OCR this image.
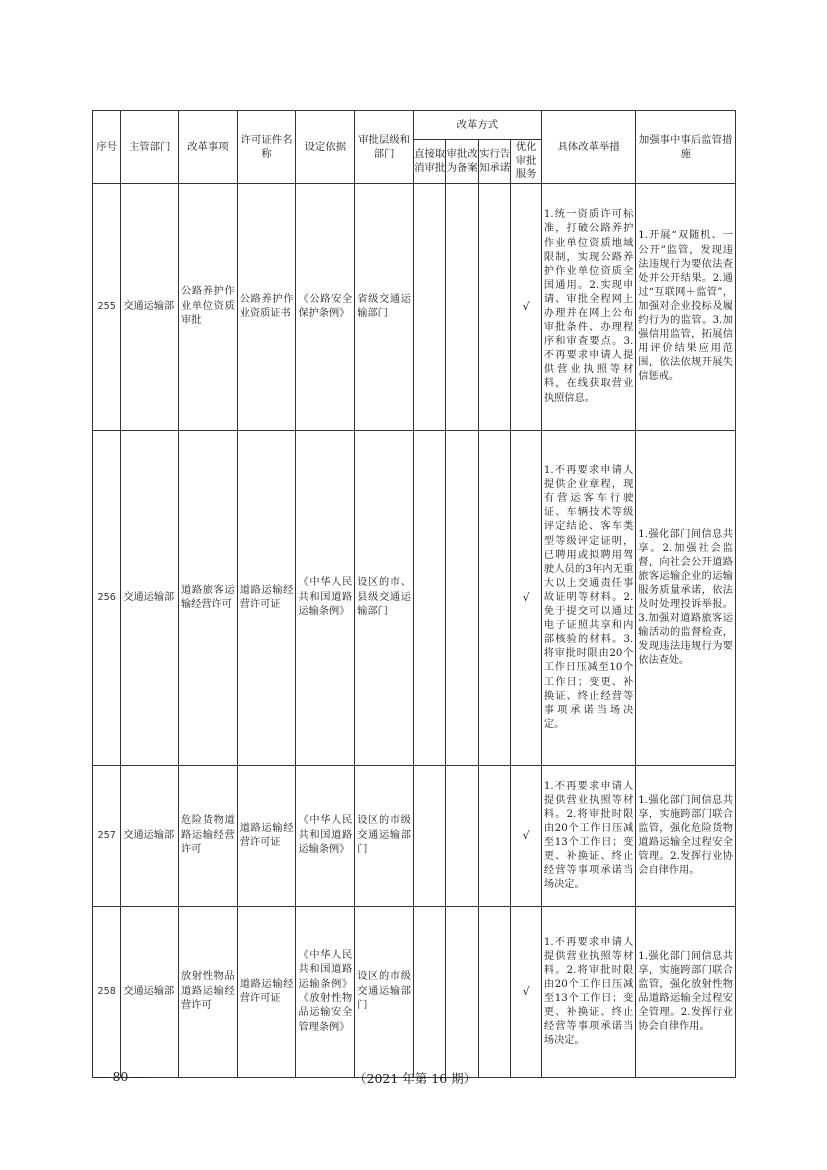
序号	主管部门	改革事项	许可证件名称	设定依据	审批层级和部门	改革方式				具体改革举措	加强事中事后监管措施
						直接取消审批	审批改为备案	实行告知承诺	优化审批服务		
255	交通运输部	公路养护作业单位资质审批	公路养护作业资质证书	《公路安全保护条例》	省级交通运输部门				√	1.统一资质许可标准，打破公路养护作业单位资质地域限制，实现公路养护作业单位资质全国通用。2.实现申请、审批全程网上办理并在网上公布审批条件、办理程序和审查要点。3.不再要求申请人提供营业执照等材料，在线获取营业执照信息。	1.开展“双随机、一公开”监管，发现违法违规行为要依法查处并公开结果。2.通过“互联网＋监管”，加强对企业投标及履约行为的监管。3.加强信用监管，拓展信用评价结果应用范围，依法依规开展失信惩戒。
256	交通运输部	道路旅客运输经营许可	道路运输经营许可证	《中华人民共和国道路运输条例》	设区的市、县级交通运输部门				√	1.不再要求申请人提供企业章程，现有营运客车行驶证、车辆技术等级评定结论、客车类型等级评定证明，已聘用或拟聘用驾驶人员的3年内无重大以上交通责任事故证明等材料。2.免于提交可以通过电子证照共享和内部核验的材料。3.将审批时限由20个工作日压减至10个工作日；变更、补换证、终止经营等事项承诺当场决定。	1.强化部门间信息共享。2.加强社会监督，向社会公开道路旅客运输企业的运输服务质量承诺，依法及时处理投诉举报。3.加强对道路旅客运输活动的监督检查，发现违法违规行为要依法查处。
257	交通运输部	危险货物道路运输经营许可	道路运输经营许可证	《中华人民共和国道路运输条例》	设区的市级交通运输部门				√	1.不再要求申请人提供营业执照等材料。2.将审批时限由20个工作日压减至13个工作日；变更、补换证、终止经营等事项承诺当场决定。	1.强化部门间信息共享，实施跨部门联合监管，强化危险货物道路运输全过程安全管理。2.发挥行业协会自律作用。
258	交通运输部	放射性物品道路运输经营许可	道路运输经营许可证	《中华人民共和国道路运输条例》《放射性物品运输安全管理条例》	设区的市级交通运输部门				√	1.不再要求申请人提供营业执照等材料。2.将审批时限由20个工作日压减至13个工作日；变更、补换证、终止经营等事项承诺当场决定。	1.强化部门间信息共享，实施跨部门联合监管，强化放射性物品道路运输全过程安全管理。2.发挥行业协会自律作用。
— 80 —	（2021 年第 16 期）
